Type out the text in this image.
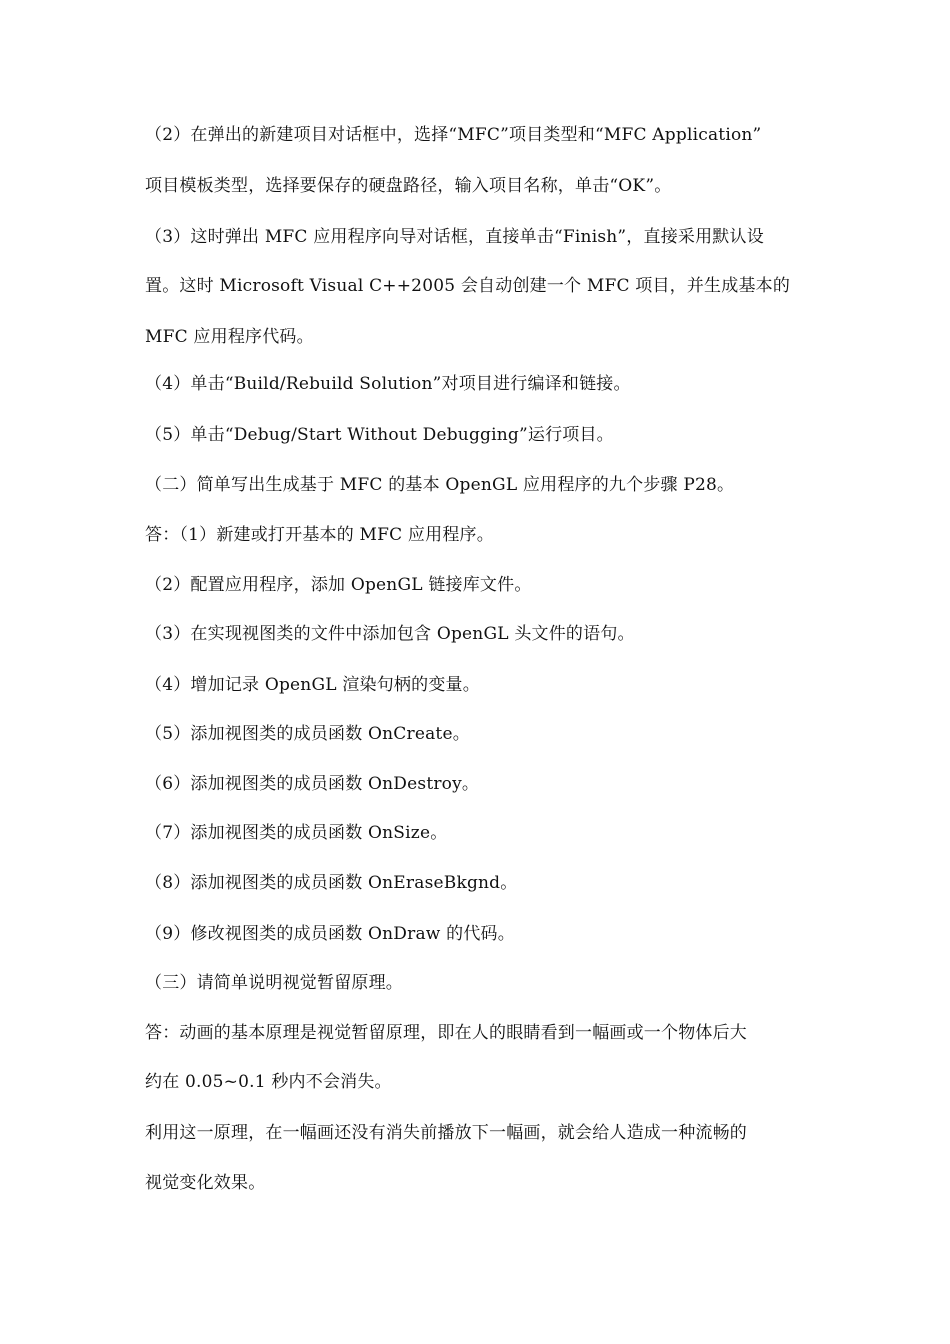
（2）在弹出的新建项目对话框中，选择“MFC”项目类型和“MFC Application”
项目模板类型，选择要保存的硬盘路径，输入项目名称，单击“OK”。
（3）这时弹出 MFC 应用程序向导对话框，直接单击“Finish”，直接采用默认设
置。这时 Microsoft Visual C++2005 会自动创建一个 MFC 项目，并生成基本的
MFC 应用程序代码。
（4）单击“Build/Rebuild Solution”对项目进行编译和链接。
（5）单击“Debug/Start Without Debugging”运行项目。
（二）简单写出生成基于 MFC 的基本 OpenGL 应用程序的九个步骤 P28。
答：（1）新建或打开基本的 MFC 应用程序。
（2）配置应用程序，添加 OpenGL 链接库文件。
（3）在实现视图类的文件中添加包含 OpenGL 头文件的语句。
（4）增加记录 OpenGL 渲染句柄的变量。
（5）添加视图类的成员函数 OnCreate。
（6）添加视图类的成员函数 OnDestroy。
（7）添加视图类的成员函数 OnSize。
（8）添加视图类的成员函数 OnEraseBkgnd。
（9）修改视图类的成员函数 OnDraw 的代码。
（三）请简单说明视觉暂留原理。
答：动画的基本原理是视觉暂留原理，即在人的眼睛看到一幅画或一个物体后大
约在 0.05~0.1 秒内不会消失。
利用这一原理，在一幅画还没有消失前播放下一幅画，就会给人造成一种流畅的
视觉变化效果。
